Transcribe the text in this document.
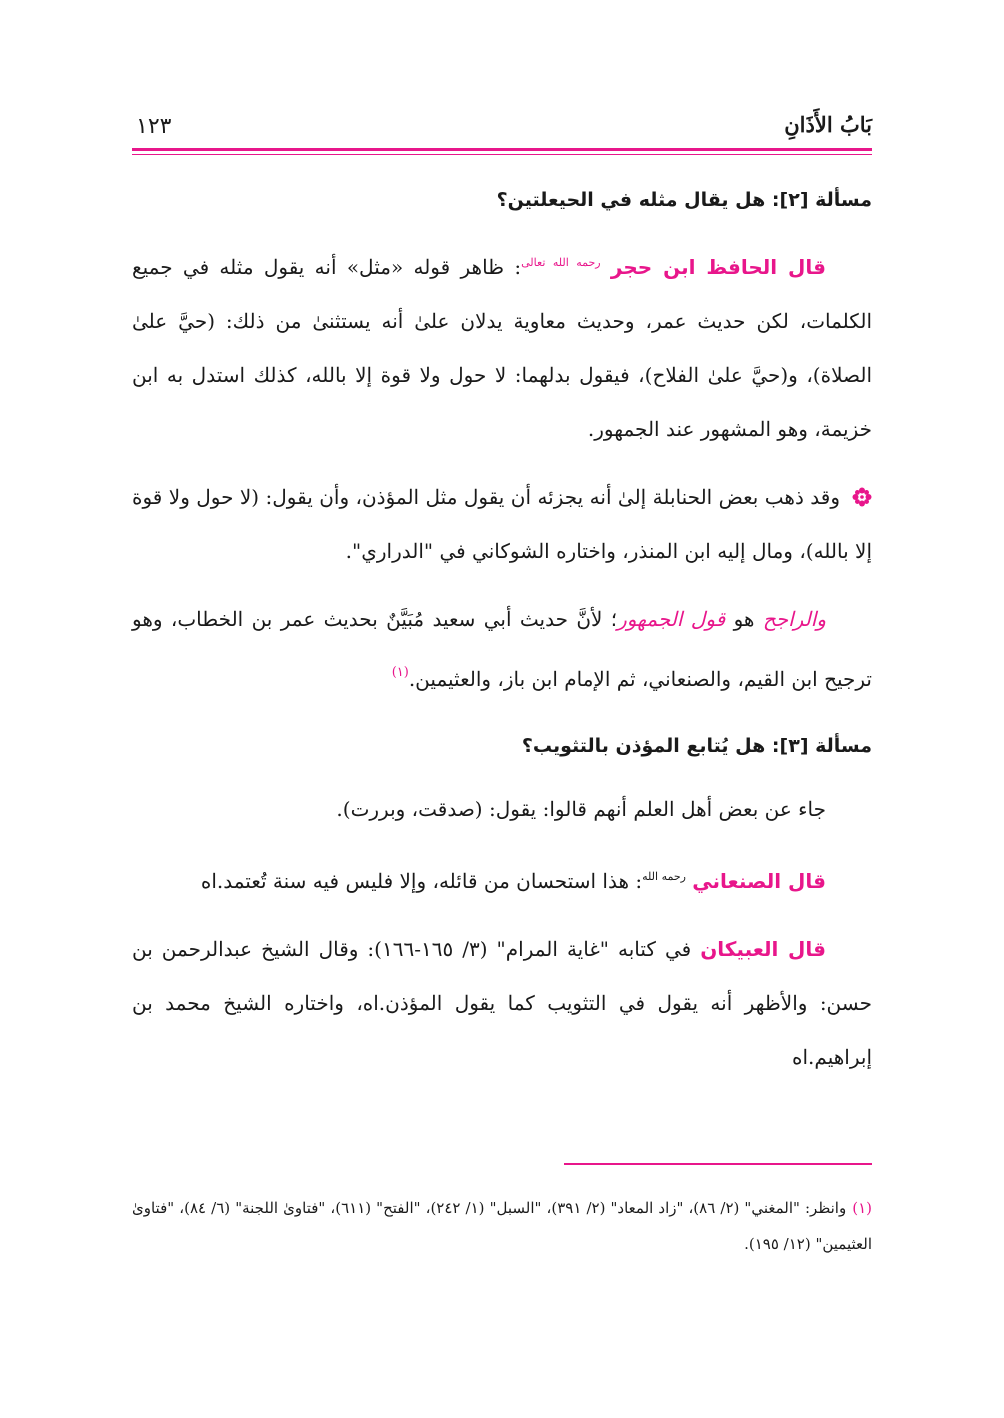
بَابُ الأَذَانِ
١٢٣
مسألة [٢]: هل يقال مثله في الحيعلتين؟

قال الحافظ ابن حجر $^{رحمه الله تعالى}$: ظاهر قوله «مثل» أنه يقول مثله في جميع الكلمات، لكن حديث عمر، وحديث معاوية يدلان علىٰ أنه يستثنىٰ من ذلك: (حيَّ علىٰ الصلاة)، و(حيَّ علىٰ الفلاح)، فيقول بدلهما: لا حول ولا قوة إلا بالله، كذلك استدل به ابن خزيمة، وهو المشهور عند الجمهور.

وقد ذهب بعض الحنابلة إلىٰ أنه يجزئه أن يقول مثل المؤذن، وأن يقول: (لا حول ولا قوة إلا بالله)، ومال إليه ابن المنذر، واختاره الشوكاني في "الدراري".

والراجح هو قول الجمهور؛ لأنَّ حديث أبي سعيد مُبَيَّنٌ بحديث عمر بن الخطاب، وهو ترجيح ابن القيم، والصنعاني، ثم الإمام ابن باز، والعثيمين.$^{(١)}$

مسألة [٣]: هل يُتابع المؤذن بالتثويب؟

جاء عن بعض أهل العلم أنهم قالوا: يقول: (صدقت، وبررت).

قال الصنعاني $^{رحمه الله}$: هذا استحسان من قائله، وإلا فليس فيه سنة تُعتمد.اه

قال العبيكان في كتابه "غاية المرام" (٣/ ١٦٥-١٦٦): وقال الشيخ عبدالرحمن بن حسن: والأظهر أنه يقول في التثويب كما يقول المؤذن.اه، واختاره الشيخ محمد بن إبراهيم.اه

(١)وانظر: "المغني" (٢/ ٨٦)، "زاد المعاد" (٢/ ٣٩١)، "السبل" (١/ ٢٤٢)، "الفتح" (٦١١)، "فتاوىٰ اللجنة" (٦/ ٨٤)، "فتاوىٰ العثيمين" (١٢/ ١٩٥).
